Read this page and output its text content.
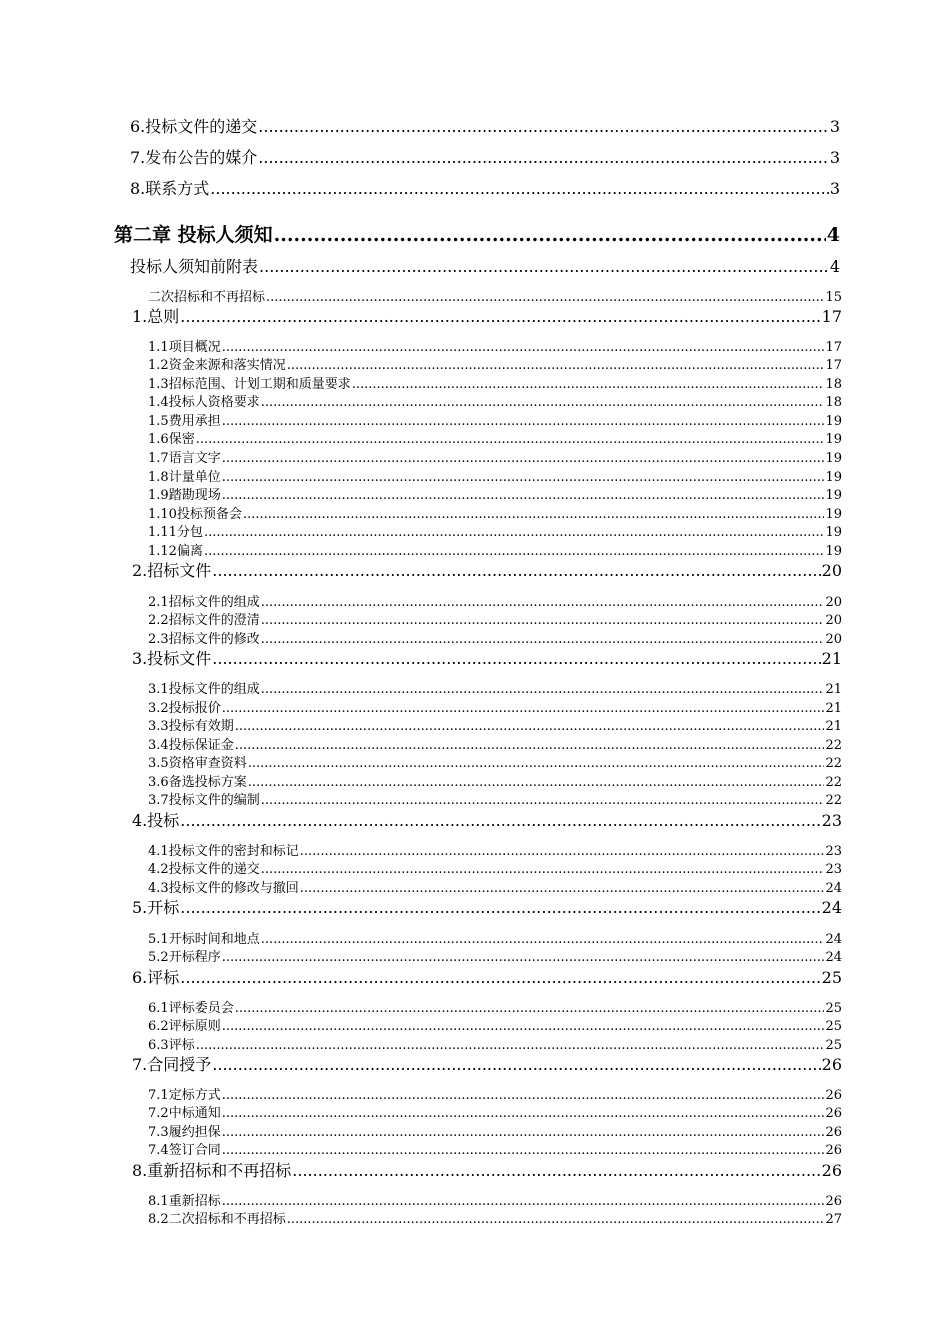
6.投标文件的递交 .....	3
7.发布公告的媒介 .....	3
8.联系方式 .....	3
第二章 投标人须知 .....	4
投标人须知前附表 .....	4
二次招标和不再招标 .....	15
1. 总则 .....	17
1.1 项目概况 .....	17
1.2 资金来源和落实情况 .....	17
1.3 招标范围、计划工期和质量要求 .....	18
1.4 投标人资格要求 .....	18
1.5 费用承担 .....	19
1.6 保密 .....	19
1.7 语言文字 .....	19
1.8 计量单位 .....	19
1.9 踏勘现场 .....	19
1.10 投标预备会 .....	19
1.11 分包 .....	19
1.12 偏离 .....	19
2. 招标文件 .....	20
2.1 招标文件的组成 .....	20
2.2 招标文件的澄清 .....	20
2.3 招标文件的修改 .....	20
3. 投标文件 .....	21
3.1 投标文件的组成 .....	21
3.2 投标报价 .....	21
3.3 投标有效期 .....	21
3.4 投标保证金 .....	22
3.5 资格审查资料 .....	22
3.6 备选投标方案 .....	22
3.7 投标文件的编制 .....	22
4. 投标 .....	23
4.1 投标文件的密封和标记 .....	23
4.2 投标文件的递交 .....	23
4.3 投标文件的修改与撤回 .....	24
5. 开标 .....	24
5.1 开标时间和地点 .....	24
5.2 开标程序 .....	24
6. 评标 .....	25
6.1 评标委员会 .....	25
6.2 评标原则 .....	25
6.3 评标 .....	25
7. 合同授予 .....	26
7.1 定标方式 .....	26
7.2 中标通知 .....	26
7.3 履约担保 .....	26
7.4 签订合同 .....	26
8. 重新招标和不再招标 .....	26
8.1 重新招标 .....	26
8.2 二次招标和不再招标 .....	27
